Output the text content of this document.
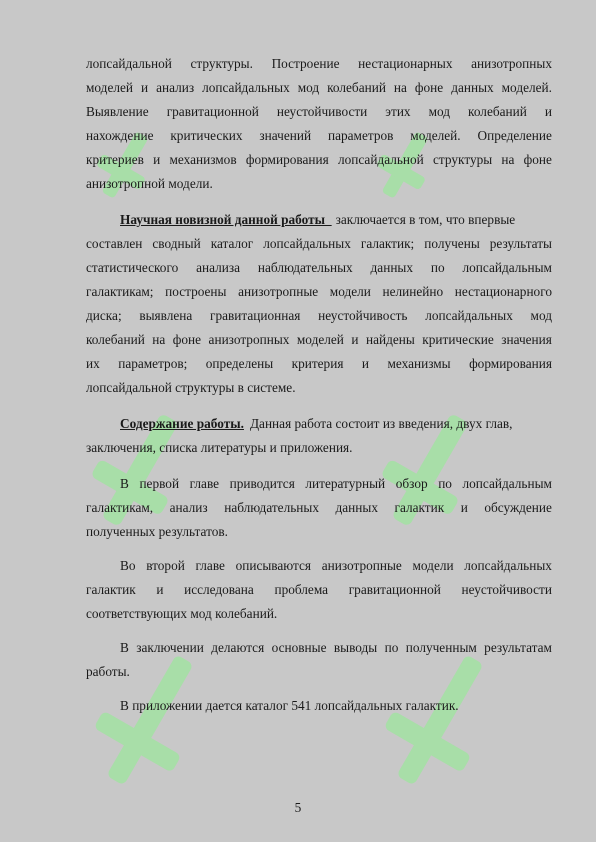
лопсайдальной структуры. Построение нестационарных анизотропных
моделей и анализ лопсайдальных мод колебаний на фоне данных моделей.
Выявление гравитационной неустойчивости этих мод колебаний и
нахождение критических значений параметров моделей. Определение
критериев и механизмов формирования лопсайдальной структуры на фоне
анизотропной модели.
Научная новизной данной работы
заключается в том, что впервые
составлен сводный каталог лопсайдальных галактик; получены результаты
статистического анализа наблюдательных данных по лопсайдальным
галактикам; построены анизотропные модели нелинейно нестационарного
диска; выявлена гравитационная неустойчивость лопсайдальных мод
колебаний на фоне анизотропных моделей и найдены критические значения
их параметров; определены критерия и механизмы формирования
лопсайдальной структуры в системе.
Содержание работы. Данная работа состоит из введения, двух глав,
заключения, списка литературы и приложения.
В первой главе приводится литературный обзор по лопсайдальным
галактикам, анализ наблюдательных данных галактик и обсуждение
полученных результатов.
Во второй главе описываются анизотропные модели лопсайдальных
галактик и исследована проблема гравитационной неустойчивости
соответствующих мод колебаний.
В заключении делаются основные выводы по полученным результатам
работы.
В приложении дается каталог 541 лопсайдальных галактик.
5
